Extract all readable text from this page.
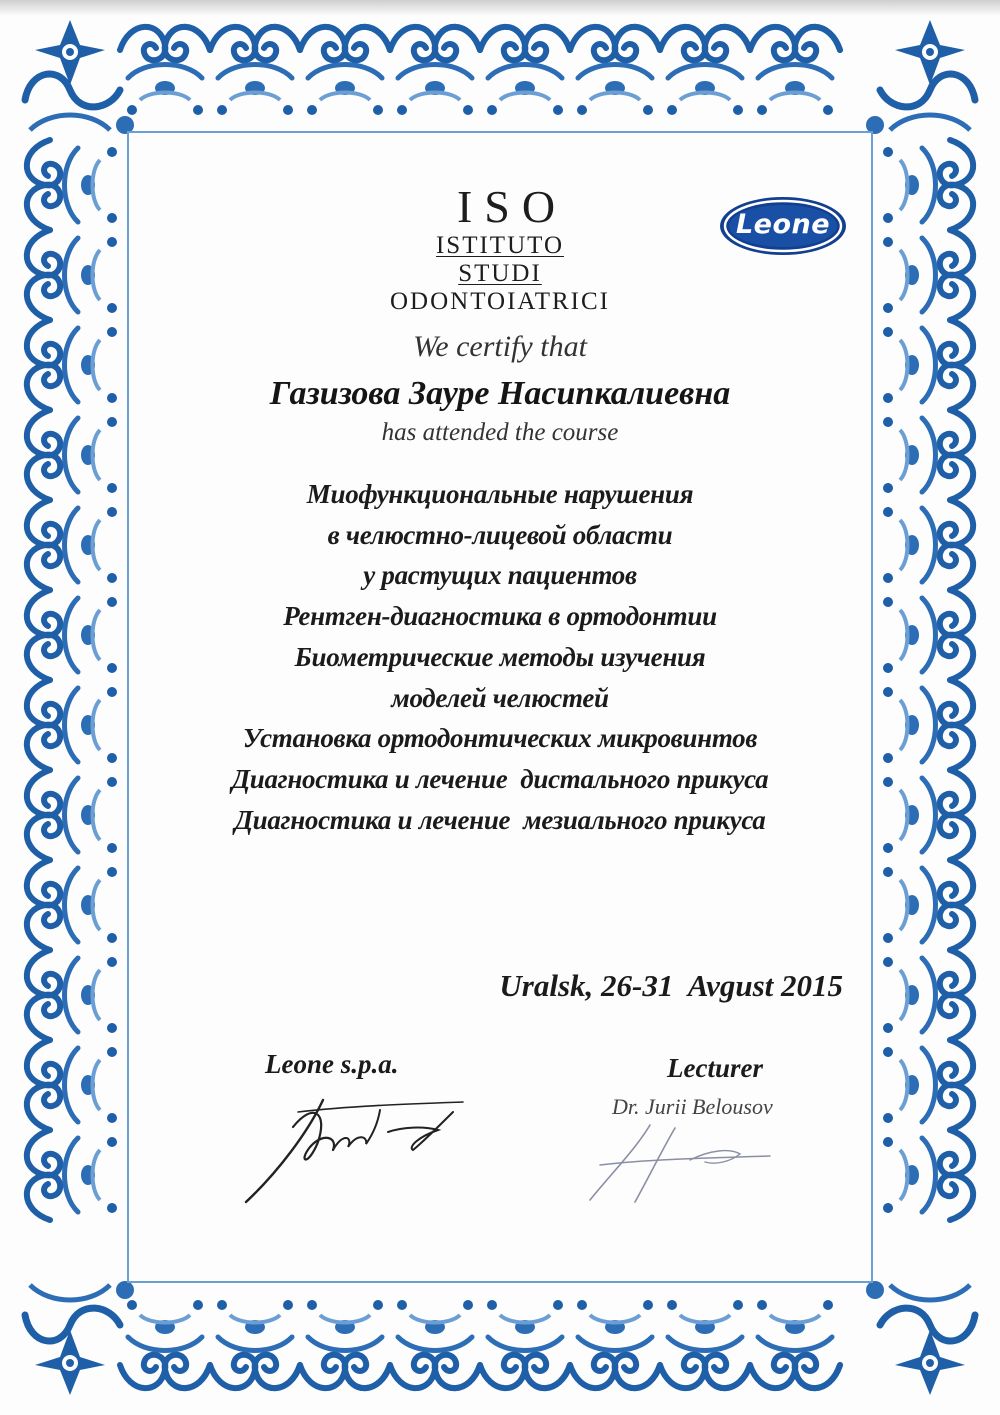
ISO
ISTITUTO
STUDI
ODONTOIATRICI
Leone
We certify that
Газизова Зауре Насипкалиевна
has attended the course
Миофункциональные нарушения
в челюстно-лицевой области
у растущих пациентов
Рентген-диагностика в ортодонтии
Биометрические методы изучения
моделей челюстей
Установка ортодонтических микровинтов
Диагностика и лечение  дистального прикуса
Диагностика и лечение  мезиального прикуса
Uralsk, 26-31  Avgust 2015
Leone s.p.a.	Lecturer
Dr. Jurii Belousov
